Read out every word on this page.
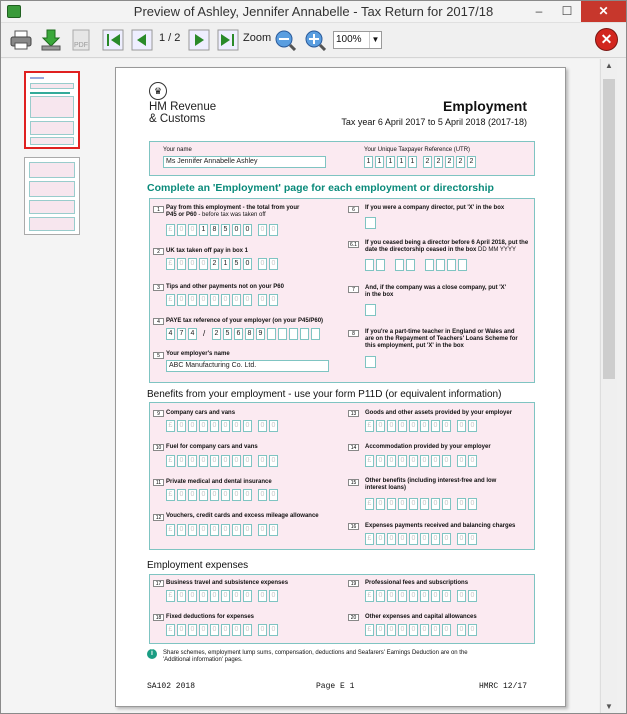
Preview of Ashley, Jennifer Annabelle - Tax Return for 2017/18	–	☐	✕
PDF
1 / 2	Zoom	100%	▼	✕
♛
HM Revenue
& Customs
Employment
Tax year 6 April 2017 to 5 April 2018 (2017-18)
Your name
Ms Jennifer Annabelle Ashley
Your Unique Taxpayer Reference (UTR)
1	1	1	1	1	2	2	2	2	2
Complete an 'Employment' page for each employment or directorship
1	Pay from this employment - the total from your
P45 or P60 - before tax was taken off
£	0	0	1	8	5	0	0	0	0
2	UK tax taken off pay in box 1
£	0	0	0	2	1	5	0	0	0
3	Tips and other payments not on your P60
£	0	0	0	0	0	0	0	0	0
4	PAYE tax reference of your employer (on your P45/P60)
4	7	4	/	2	5	6	8	9
5	Your employer's name
ABC Manufacturing Co. Ltd.
6	If you were a company director, put 'X' in the box
6.1	If you ceased being a director before 6 April 2018, put the
date the directorship ceased in the box DD MM YYYY
7	And, if the company was a close company, put 'X'
in the box
8	If you're a part-time teacher in England or Wales and
are on the Repayment of Teachers' Loans Scheme for
this employment, put 'X' in the box
Benefits from your employment - use your form P11D (or equivalent information)
9	Company cars and vans
£	0	0	0	0	0	0	0	0	0
10 Fuel for company cars and vans
£	0	0	0	0	0	0	0	0	0
11 Private medical and dental insurance
£	0	0	0	0	0	0	0	0	0
12 Vouchers, credit cards and excess mileage allowance
£	0	0	0	0	0	0	0	0	0
13	Goods and other assets provided by your employer
£	0	0	0	0	0	0	0	0	0
14	Accommodation provided by your employer
£	0	0	0	0	0	0	0	0	0
15	Other benefits (including interest-free and low
interest loans)
£	0	0	0	0	0	0	0	0	0
16	Expenses payments received and balancing charges
£	0	0	0	0	0	0	0	0	0
Employment expenses
17 Business travel and subsistence expenses
£	0	0	0	0	0	0	0	0	0
18 Fixed deductions for expenses
£	0	0	0	0	0	0	0	0	0
19	Professional fees and subscriptions
£	0	0	0	0	0	0	0	0	0
20	Other expenses and capital allowances
£	0	0	0	0	0	0	0	0	0
i	Share schemes, employment lump sums, compensation, deductions and Seafarers' Earnings Deduction are on the
'Additional information' pages.
SA102 2018	Page E 1	HMRC 12/17
▲
▼
